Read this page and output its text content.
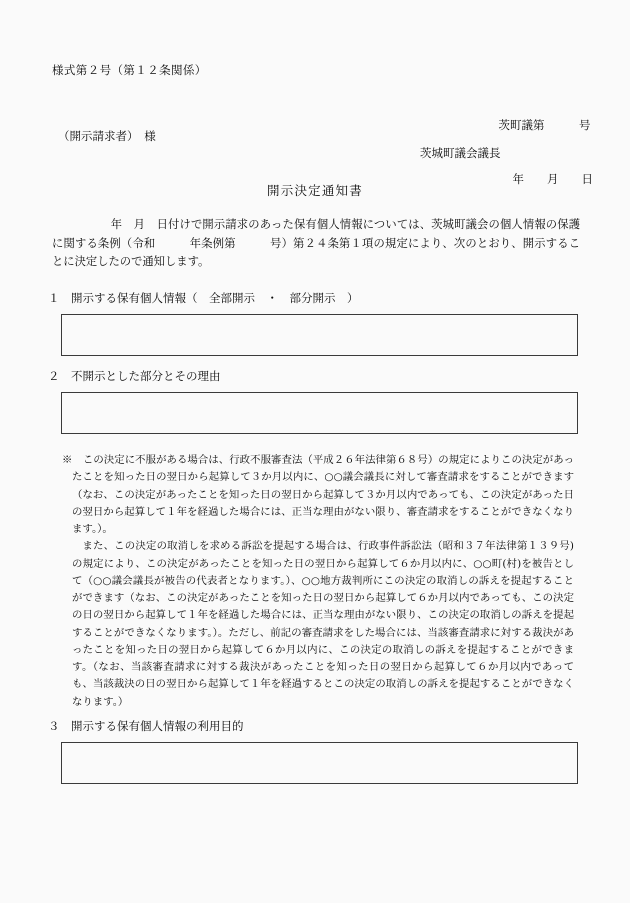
様式第２号（第１２条関係）

茨町議第　　　号

年　　月　　日

（開示請求者）　様
茨城町議会議長
開示決定通知書
年　月　日付けで開示請求のあった保有個人情報については、茨城町議会の個人情報の保護に関する条例（令和　　　年条例第　　　号）第２４条第１項の規定により、次のとおり、開示することに決定したので通知します。
１　開示する保有個人情報（　全部開示　・　部分開示　）
２　不開示とした部分とその理由
※　この決定に不服がある場合は、行政不服審査法（平成２６年法律第６８号）の規定によりこの決定があったことを知った日の翌日から起算して３か月以内に、○○議会議長に対して審査請求をすることができます（なお、この決定があったことを知った日の翌日から起算して３か月以内であっても、この決定があった日の翌日から起算して１年を経過した場合には、正当な理由がない限り、審査請求をすることができなくなります。）。
また、この決定の取消しを求める訴訟を提起する場合は、行政事件訴訟法（昭和３７年法律第１３９号)の規定により、この決定があったことを知った日の翌日から起算して６か月以内に、○○町(村)を被告として（○○議会議長が被告の代表者となります。）、○○地方裁判所にこの決定の取消しの訴えを提起することができます（なお、この決定があったことを知った日の翌日から起算して６か月以内であっても、この決定の日の翌日から起算して１年を経過した場合には、正当な理由がない限り、この決定の取消しの訴えを提起することができなくなります。）。ただし、前記の審査請求をした場合には、当該審査請求に対する裁決があったことを知った日の翌日から起算して６か月以内に、この決定の取消しの訴えを提起することができます。（なお、当該審査請求に対する裁決があったことを知った日の翌日から起算して６か月以内であっても、当該裁決の日の翌日から起算して１年を経過するとこの決定の取消しの訴えを提起することができなくなります。）
３　開示する保有個人情報の利用目的
